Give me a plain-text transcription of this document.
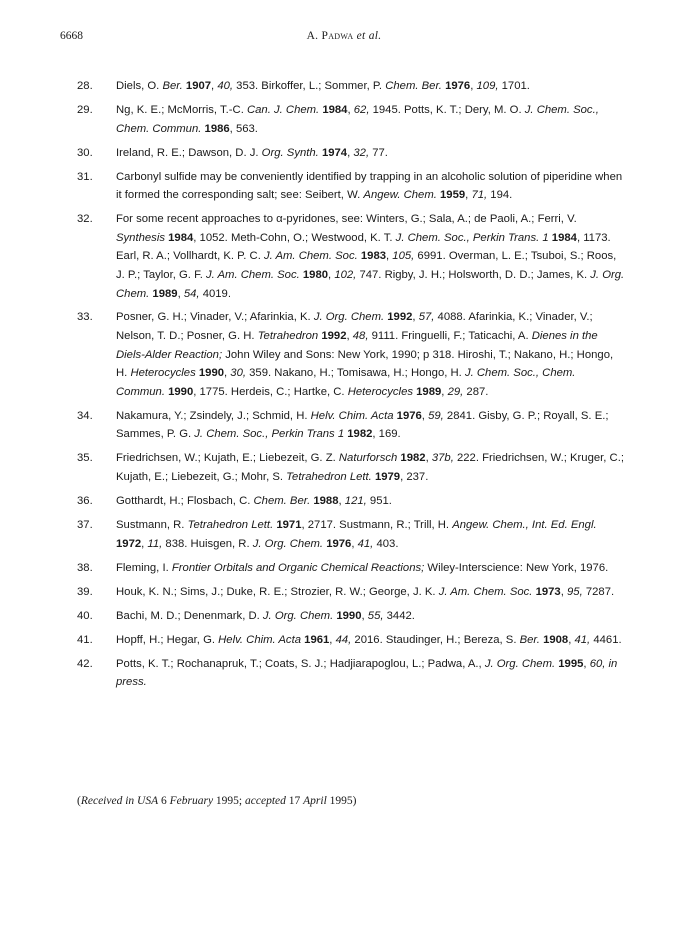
6668	A. Padwa et al.
28.	Diels, O. Ber. 1907, 40, 353. Birkoffer, L.; Sommer, P. Chem. Ber. 1976, 109, 1701.
29.	Ng, K. E.; McMorris, T.-C. Can. J. Chem. 1984, 62, 1945. Potts, K. T.; Dery, M. O. J. Chem. Soc., Chem. Commun. 1986, 563.
30.	Ireland, R. E.; Dawson, D. J. Org. Synth. 1974, 32, 77.
31.	Carbonyl sulfide may be conveniently identified by trapping in an alcoholic solution of piperidine when it formed the corresponding salt; see: Seibert, W. Angew. Chem. 1959, 71, 194.
32.	For some recent approaches to α-pyridones, see: Winters, G.; Sala, A.; de Paoli, A.; Ferri, V. Synthesis 1984, 1052. Meth-Cohn, O.; Westwood, K. T. J. Chem. Soc., Perkin Trans. 1 1984, 1173. Earl, R. A.; Vollhardt, K. P. C. J. Am. Chem. Soc. 1983, 105, 6991. Overman, L. E.; Tsuboi, S.; Roos, J. P.; Taylor, G. F. J. Am. Chem. Soc. 1980, 102, 747. Rigby, J. H.; Holsworth, D. D.; James, K. J. Org. Chem. 1989, 54, 4019.
33.	Posner, G. H.; Vinader, V.; Afarinkia, K. J. Org. Chem. 1992, 57, 4088. Afarinkia, K.; Vinader, V.; Nelson, T. D.; Posner, G. H. Tetrahedron 1992, 48, 9111. Fringuelli, F.; Taticachi, A. Dienes in the Diels-Alder Reaction; John Wiley and Sons: New York, 1990; p 318. Hiroshi, T.; Nakano, H.; Hongo, H. Heterocycles 1990, 30, 359. Nakano, H.; Tomisawa, H.; Hongo, H. J. Chem. Soc., Chem. Commun. 1990, 1775. Herdeis, C.; Hartke, C. Heterocycles 1989, 29, 287.
34.	Nakamura, Y.; Zsindely, J.; Schmid, H. Helv. Chim. Acta 1976, 59, 2841. Gisby, G. P.; Royall, S. E.; Sammes, P. G. J. Chem. Soc., Perkin Trans 1 1982, 169.
35.	Friedrichsen, W.; Kujath, E.; Liebezeit, G. Z. Naturforsch 1982, 37b, 222. Friedrichsen, W.; Kruger, C.; Kujath, E.; Liebezeit, G.; Mohr, S. Tetrahedron Lett. 1979, 237.
36.	Gotthardt, H.; Flosbach, C. Chem. Ber. 1988, 121, 951.
37.	Sustmann, R. Tetrahedron Lett. 1971, 2717. Sustmann, R.; Trill, H. Angew. Chem., Int. Ed. Engl. 1972, 11, 838. Huisgen, R. J. Org. Chem. 1976, 41, 403.
38.	Fleming, I. Frontier Orbitals and Organic Chemical Reactions; Wiley-Interscience: New York, 1976.
39.	Houk, K. N.; Sims, J.; Duke, R. E.; Strozier, R. W.; George, J. K. J. Am. Chem. Soc. 1973, 95, 7287.
40.	Bachi, M. D.; Denenmark, D. J. Org. Chem. 1990, 55, 3442.
41.	Hopff, H.; Hegar, G. Helv. Chim. Acta 1961, 44, 2016. Staudinger, H.; Bereza, S. Ber. 1908, 41, 4461.
42.	Potts, K. T.; Rochanapruk, T.; Coats, S. J.; Hadjiarapoglou, L.; Padwa, A., J. Org. Chem. 1995, 60, in press.
(Received in USA 6 February 1995; accepted 17 April 1995)
